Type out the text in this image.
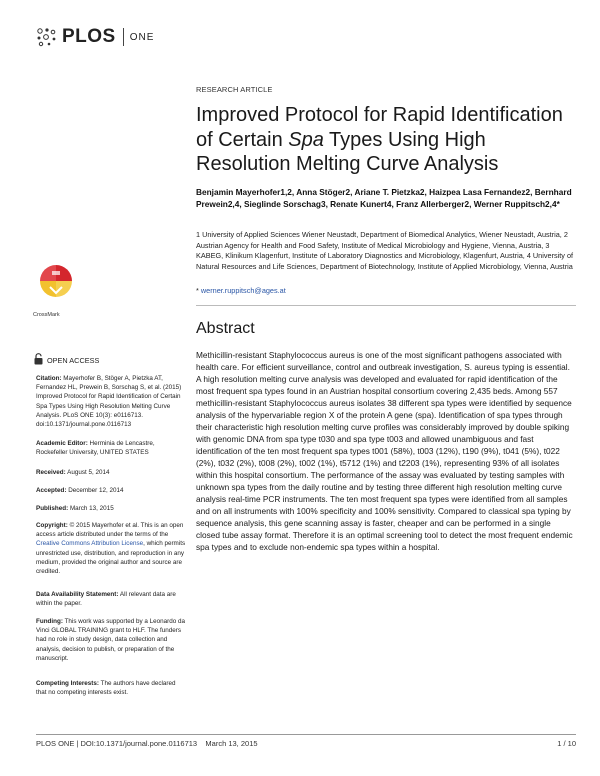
PLOS ONE
CrossMark
OPEN ACCESS
Citation: Mayerhofer B, Stöger A, Pietzka AT, Fernandez HL, Prewein B, Sorschag S, et al. (2015) Improved Protocol for Rapid Identification of Certain Spa Types Using High Resolution Melting Curve Analysis. PLoS ONE 10(3): e0116713. doi:10.1371/journal.pone.0116713
Academic Editor: Herminia de Lencastre, Rockefeller University, UNITED STATES
Received: August 5, 2014
Accepted: December 12, 2014
Published: March 13, 2015
Copyright: © 2015 Mayerhofer et al. This is an open access article distributed under the terms of the Creative Commons Attribution License, which permits unrestricted use, distribution, and reproduction in any medium, provided the original author and source are credited.
Data Availability Statement: All relevant data are within the paper.
Funding: This work was supported by a Leonardo da Vinci GLOBAL TRAINING grant to HLF. The funders had no role in study design, data collection and analysis, decision to publish, or preparation of the manuscript.
Competing Interests: The authors have declared that no competing interests exist.
RESEARCH ARTICLE
Improved Protocol for Rapid Identification of Certain Spa Types Using High Resolution Melting Curve Analysis
Benjamin Mayerhofer1,2, Anna Stöger2, Ariane T. Pietzka2, Haizpea Lasa Fernandez2, Bernhard Prewein2,4, Sieglinde Sorschag3, Renate Kunert4, Franz Allerberger2, Werner Ruppitsch2,4*
1 University of Applied Sciences Wiener Neustadt, Department of Biomedical Analytics, Wiener Neustadt, Austria, 2 Austrian Agency for Health and Food Safety, Institute of Medical Microbiology and Hygiene, Vienna, Austria, 3 KABEG, Klinikum Klagenfurt, Institute of Laboratory Diagnostics and Microbiology, Klagenfurt, Austria, 4 University of Natural Resources and Life Sciences, Department of Biotechnology, Institute of Applied Microbiology, Vienna, Austria
* werner.ruppitsch@ages.at
Abstract
Methicillin-resistant Staphylococcus aureus is one of the most significant pathogens associated with health care. For efficient surveillance, control and outbreak investigation, S. aureus typing is essential. A high resolution melting curve analysis was developed and evaluated for rapid identification of the most frequent spa types found in an Austrian hospital consortium covering 2,435 beds. Among 557 methicillin-resistant Staphylococcus aureus isolates 38 different spa types were identified by sequence analysis of the hypervariable region X of the protein A gene (spa). Identification of spa types through their characteristic high resolution melting curve profiles was considerably improved by double spiking with genomic DNA from spa type t030 and spa type t003 and allowed unambiguous and fast identification of the ten most frequent spa types t001 (58%), t003 (12%), t190 (9%), t041 (5%), t022 (2%), t032 (2%), t008 (2%), t002 (1%), t5712 (1%) and t2203 (1%), representing 93% of all isolates within this hospital consortium. The performance of the assay was evaluated by testing samples with unknown spa types from the daily routine and by testing three different high resolution melting curve analysis real-time PCR instruments. The ten most frequent spa types were identified from all samples and on all instruments with 100% specificity and 100% sensitivity. Compared to classical spa typing by sequence analysis, this gene scanning assay is faster, cheaper and can be performed in a single closed tube assay format. Therefore it is an optimal screening tool to detect the most frequent endemic spa types and to exclude non-endemic spa types within a hospital.
PLOS ONE | DOI:10.1371/journal.pone.0116713    March 13, 2015	1 / 10
